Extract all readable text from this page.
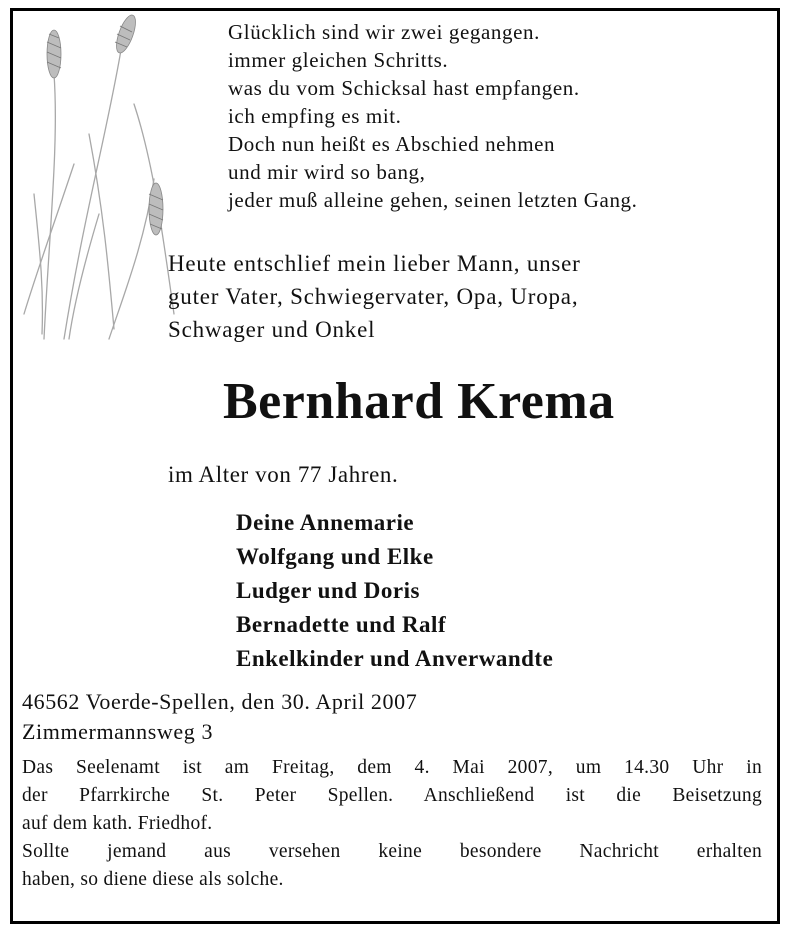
Glücklich sind wir zwei gegangen.
immer gleichen Schritts.
was du vom Schicksal hast empfangen.
ich empfing es mit.
Doch nun heißt es Abschied nehmen
und mir wird so bang,
jeder muß alleine gehen, seinen letzten Gang.
Heute entschlief mein lieber Mann, unser
guter Vater, Schwiegervater, Opa, Uropa,
Schwager und Onkel
Bernhard Krema
im Alter von 77 Jahren.
Deine Annemarie
Wolfgang und Elke
Ludger und Doris
Bernadette und Ralf
Enkelkinder und Anverwandte
46562 Voerde-Spellen, den 30. April 2007
Zimmermannsweg 3
Das Seelenamt ist am Freitag, dem 4. Mai 2007, um 14.30 Uhr in
der Pfarrkirche St. Peter Spellen. Anschließend ist die Beisetzung
auf dem kath. Friedhof.
Sollte jemand aus versehen keine besondere Nachricht erhalten
haben, so diene diese als solche.
